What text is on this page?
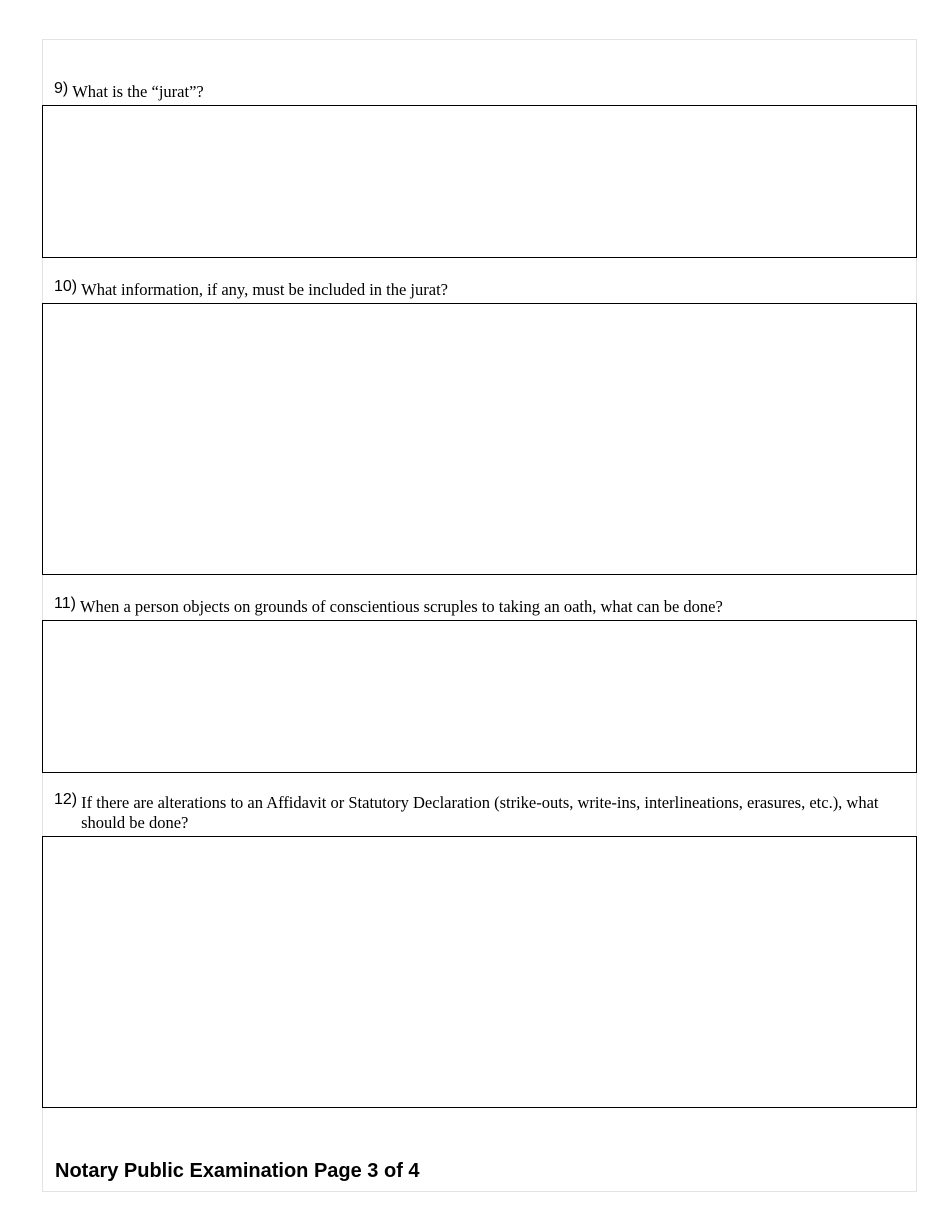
9) What is the “jurat”?
10) What information, if any, must be included in the jurat?
11) When a person objects on grounds of conscientious scruples to taking an oath, what can be done?
12) If there are alterations to an Affidavit or Statutory Declaration (strike-outs, write-ins, interlineations, erasures, etc.), what should be done?
Notary Public Examination Page 3 of 4
